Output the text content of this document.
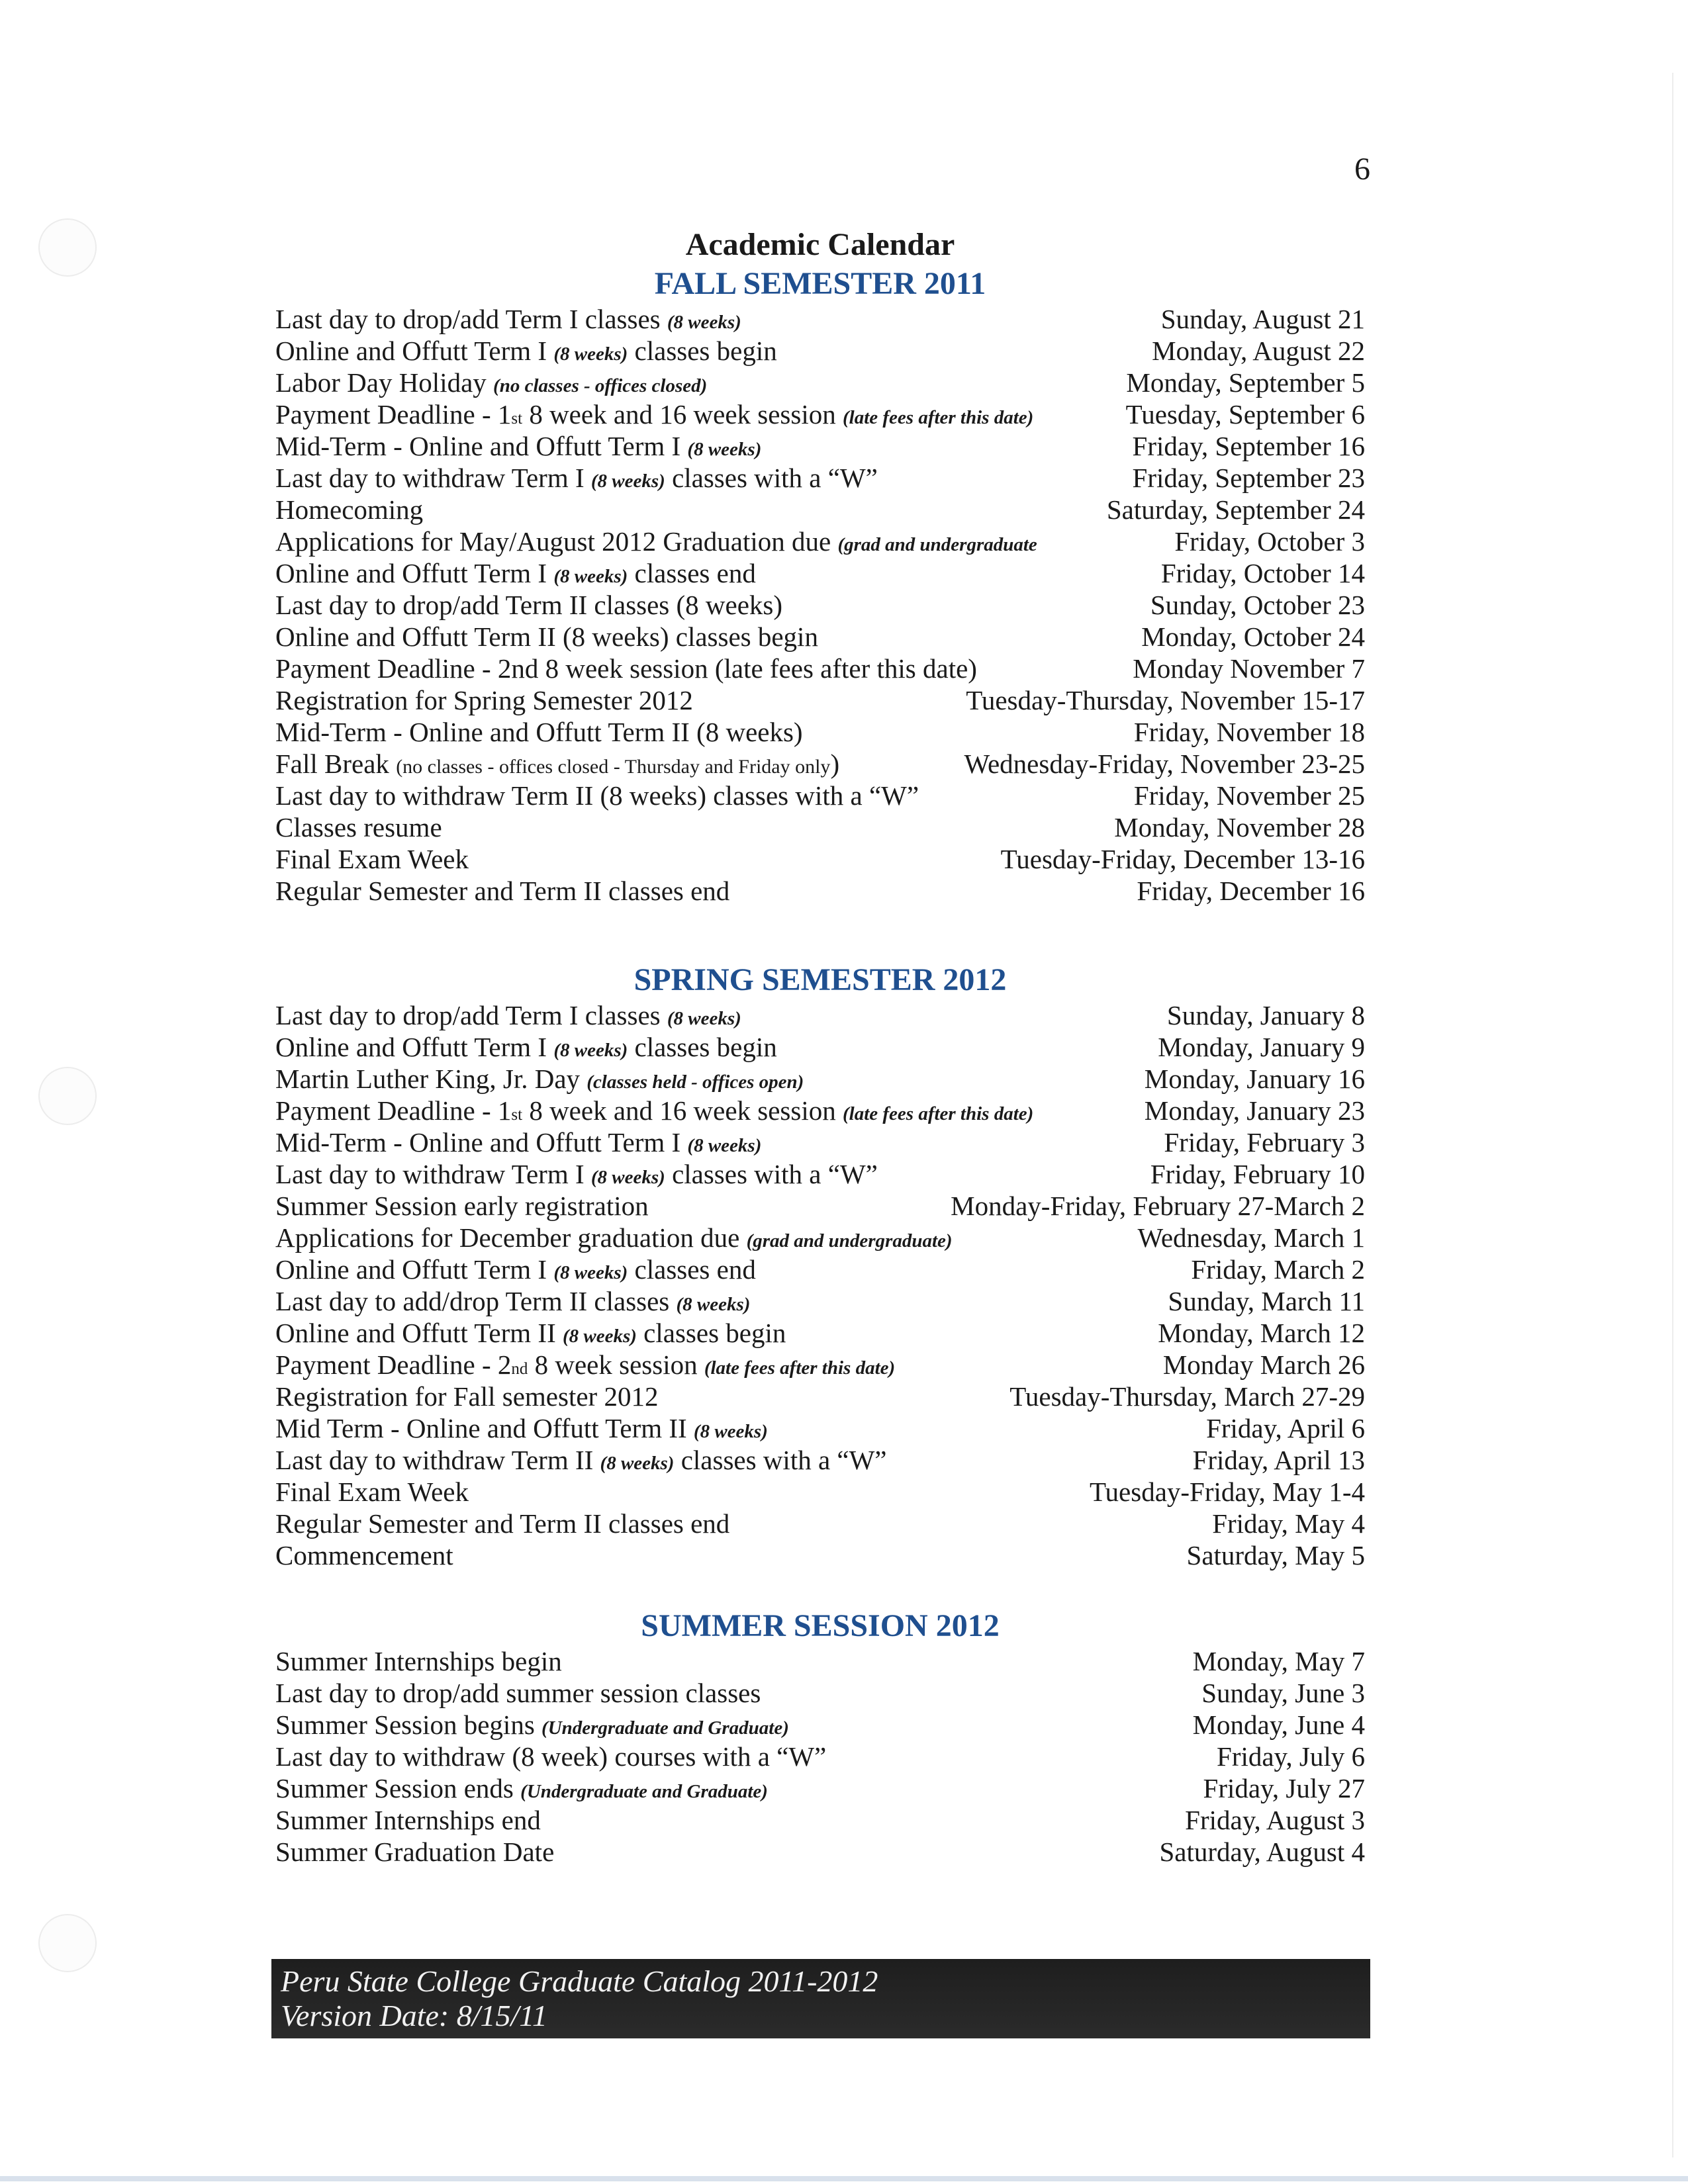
6
Academic Calendar
FALL SEMESTER 2011
Last day to drop/add Term I classes (8 weeks)	Sunday, August 21
Online and Offutt Term I (8 weeks) classes begin	Monday, August 22
Labor Day Holiday (no classes - offices closed)	Monday, September 5
Payment Deadline - 1st 8 week and 16 week session (late fees after this date)	Tuesday, September 6
Mid-Term - Online and Offutt Term I (8 weeks)	Friday, September 16
Last day to withdraw Term I (8 weeks) classes with a “W”	Friday, September 23
Homecoming	Saturday, September 24
Applications for May/August 2012 Graduation due (grad and undergraduate	Friday, October 3
Online and Offutt Term I (8 weeks) classes end	Friday, October 14
Last day to drop/add Term II classes (8 weeks)	Sunday, October 23
Online and Offutt Term II (8 weeks) classes begin	Monday, October 24
Payment Deadline - 2nd 8 week session (late fees after this date)	Monday November 7
Registration for Spring Semester 2012	Tuesday-Thursday, November 15-17
Mid-Term - Online and Offutt Term II (8 weeks)	Friday, November 18
Fall Break (no classes - offices closed - Thursday and Friday only)	Wednesday-Friday, November 23-25
Last day to withdraw Term II (8 weeks) classes with a “W”	Friday, November 25
Classes resume	Monday, November 28
Final Exam Week	Tuesday-Friday, December 13-16
Regular Semester and Term II classes end	Friday, December 16
SPRING SEMESTER 2012
Last day to drop/add Term I classes (8 weeks)	Sunday, January 8
Online and Offutt Term I (8 weeks) classes begin	Monday, January 9
Martin Luther King, Jr. Day (classes held - offices open)	Monday, January 16
Payment Deadline - 1st 8 week and 16 week session (late fees after this date)	Monday, January 23
Mid-Term - Online and Offutt Term I (8 weeks)	Friday, February 3
Last day to withdraw Term I (8 weeks) classes with a “W”	Friday, February 10
Summer Session early registration	Monday-Friday, February 27-March 2
Applications for December graduation due (grad and undergraduate)	Wednesday, March 1
Online and Offutt Term I (8 weeks) classes end	Friday, March 2
Last day to add/drop Term II classes (8 weeks)	Sunday, March 11
Online and Offutt Term II (8 weeks) classes begin	Monday, March 12
Payment Deadline - 2nd 8 week session (late fees after this date)	Monday March 26
Registration for Fall semester 2012	Tuesday-Thursday, March 27-29
Mid Term - Online and Offutt Term II (8 weeks)	Friday, April 6
Last day to withdraw Term II (8 weeks) classes with a “W”	Friday, April 13
Final Exam Week	Tuesday-Friday, May 1-4
Regular Semester and Term II classes end	Friday, May 4
Commencement	Saturday, May 5
SUMMER SESSION 2012
Summer Internships begin	Monday, May 7
Last day to drop/add summer session classes	Sunday, June 3
Summer Session begins (Undergraduate and Graduate)	Monday, June 4
Last day to withdraw (8 week) courses with a “W”	Friday, July 6
Summer Session ends (Undergraduate and Graduate)	Friday, July 27
Summer Internships end	Friday, August 3
Summer Graduation Date	Saturday, August 4
Peru State College Graduate Catalog 2011-2012
Version Date: 8/15/11
